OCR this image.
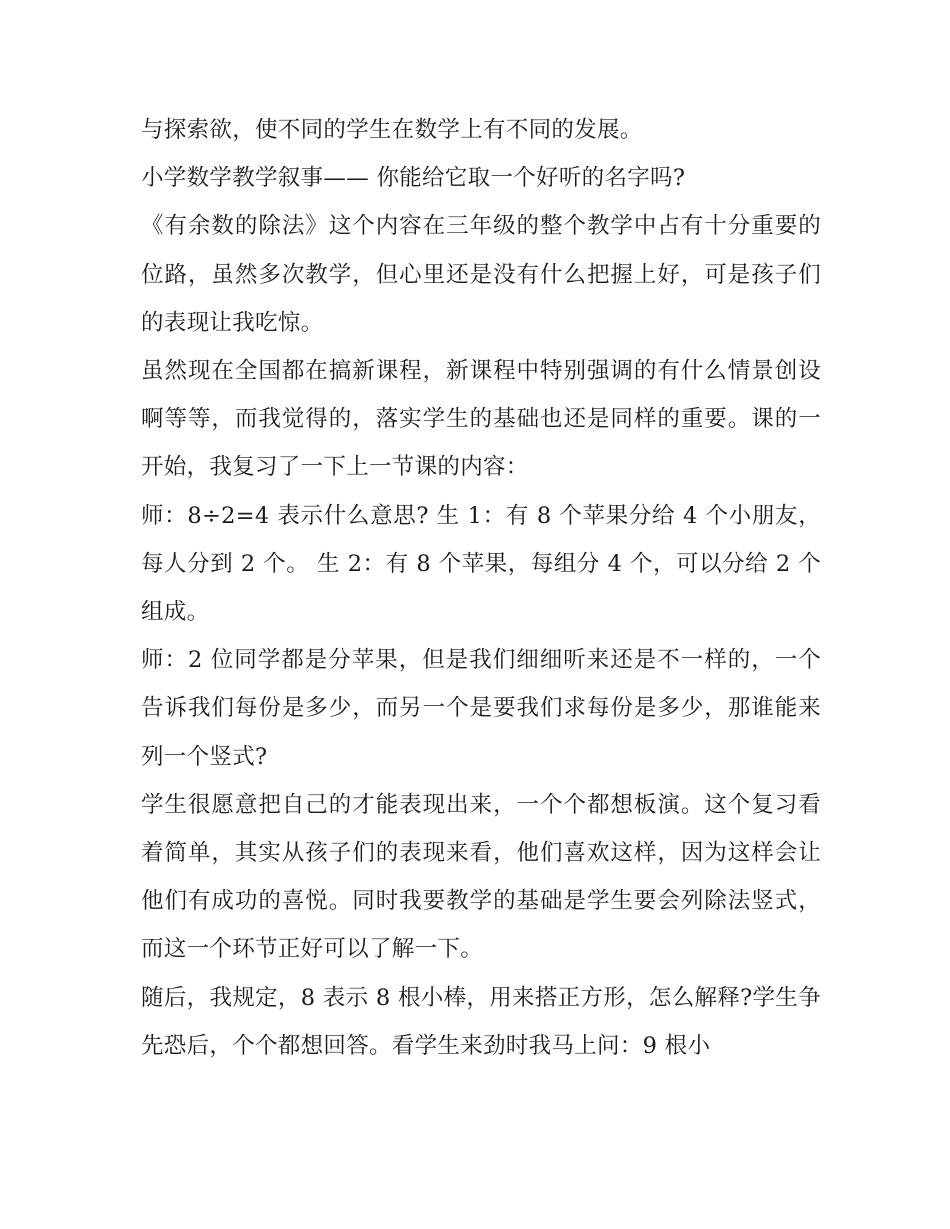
与探索欲，使不同的学生在数学上有不同的发展。

小学数学教学叙事—— 你能给它取一个好听的名字吗?

《有余数的除法》这个内容在三年级的整个教学中占有十分重要的位路，虽然多次教学，但心里还是没有什么把握上好，可是孩子们的表现让我吃惊。

虽然现在全国都在搞新课程，新课程中特别强调的有什么情景创设啊等等，而我觉得的，落实学生的基础也还是同样的重要。课的一开始，我复习了一下上一节课的内容：

师：8÷2=4 表示什么意思? 生 1：有 8 个苹果分给 4 个小朋友，每人分到 2 个。 生 2：有 8 个苹果，每组分 4 个，可以分给 2 个组成。

师：2 位同学都是分苹果，但是我们细细听来还是不一样的，一个告诉我们每份是多少，而另一个是要我们求每份是多少，那谁能来列一个竖式?

学生很愿意把自己的才能表现出来，一个个都想板演。这个复习看着简单，其实从孩子们的表现来看，他们喜欢这样，因为这样会让他们有成功的喜悦。同时我要教学的基础是学生要会列除法竖式，而这一个环节正好可以了解一下。

随后，我规定，8 表示 8 根小棒，用来搭正方形，怎么解释?学生争先恐后，个个都想回答。看学生来劲时我马上问：9 根小
